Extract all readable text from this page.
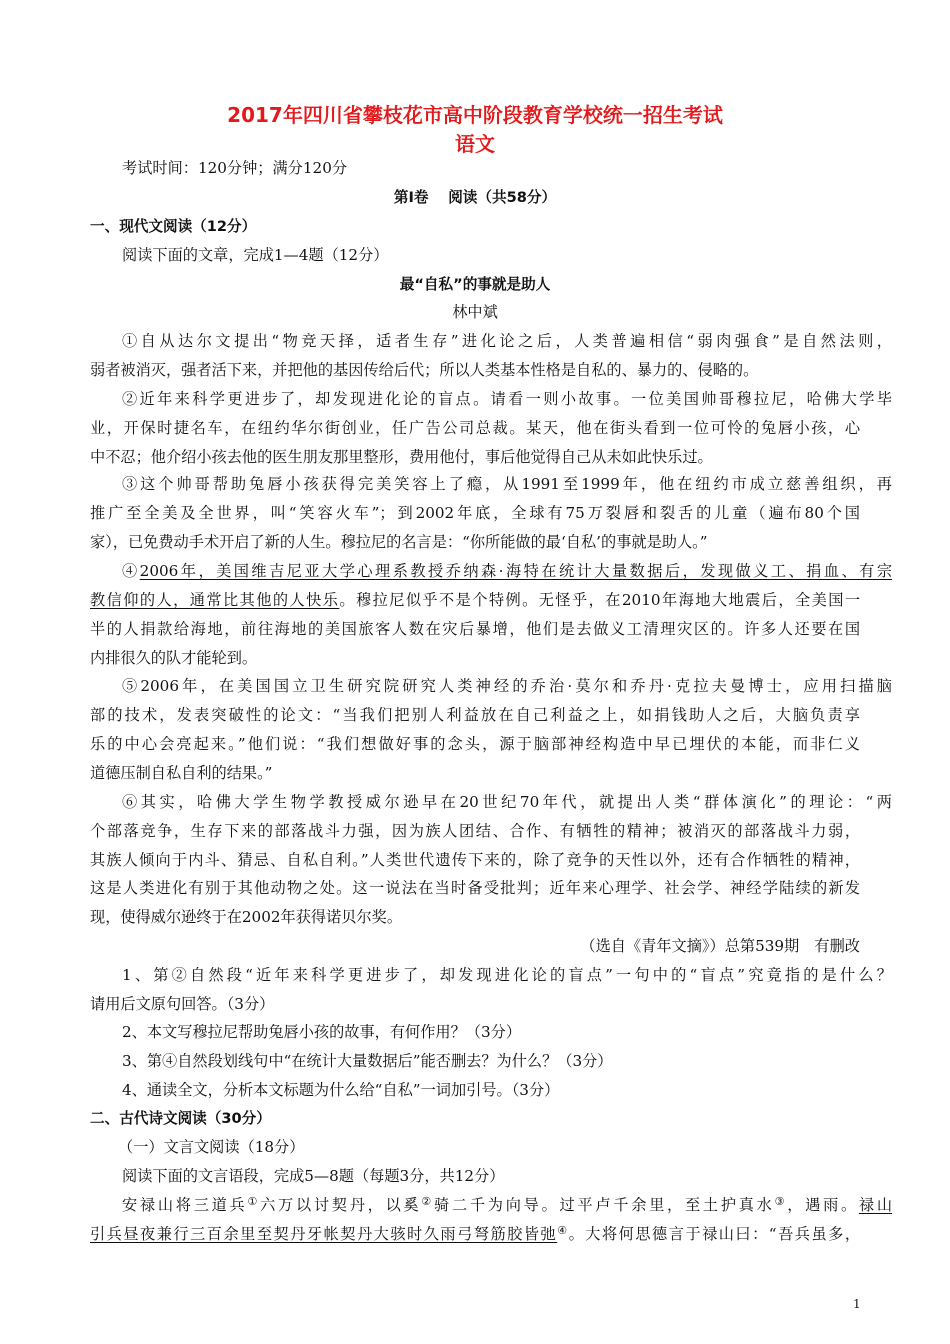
2017年四川省攀枝花市高中阶段教育学校统一招生考试
语文
考试时间：120分钟；满分120分
第Ⅰ卷　 阅读（共58分）
一、现代文阅读（12分）
阅读下面的文章，完成1—4题（12分）
最“自私”的事就是助人
林中斌
①自从达尔文提出“物竞天择，适者生存”进化论之后，人类普遍相信“弱肉强食”是自然法则，
弱者被消灭，强者活下来，并把他的基因传给后代；所以人类基本性格是自私的、暴力的、侵略的。
②近年来科学更进步了，却发现进化论的盲点。请看一则小故事。一位美国帅哥穆拉尼，哈佛大学毕
业，开保时捷名车，在纽约华尔街创业，任广告公司总裁。某天，他在街头看到一位可怜的兔唇小孩，心
中不忍；他介绍小孩去他的医生朋友那里整形，费用他付，事后他觉得自己从未如此快乐过。
③这个帅哥帮助兔唇小孩获得完美笑容上了瘾，从1991至1999年，他在纽约市成立慈善组织，再
推广至全美及全世界，叫“笑容火车”；到2002年底，全球有75万裂唇和裂舌的儿童（遍布80个国
家），已免费动手术开启了新的人生。穆拉尼的名言是：“你所能做的最‘自私’的事就是助人。”
④2006年，美国维吉尼亚大学心理系教授乔纳森·海特在统计大量数据后，发现做义工、捐血、有宗
教信仰的人，通常比其他的人快乐。穆拉尼似乎不是个特例。无怪乎，在2010年海地大地震后，全美国一
半的人捐款给海地，前往海地的美国旅客人数在灾后暴增，他们是去做义工清理灾区的。许多人还要在国
内排很久的队才能轮到。
⑤2006年，在美国国立卫生研究院研究人类神经的乔治·莫尔和乔丹·克拉夫曼博士，应用扫描脑
部的技术，发表突破性的论文：“当我们把别人利益放在自己利益之上，如捐钱助人之后，大脑负责享
乐的中心会亮起来。”他们说：“我们想做好事的念头，源于脑部神经构造中早已埋伏的本能，而非仁义
道德压制自私自利的结果。”
⑥其实，哈佛大学生物学教授威尔逊早在20世纪70年代，就提出人类“群体演化”的理论：“两
个部落竞争，生存下来的部落战斗力强，因为族人团结、合作、有牺牲的精神；被消灭的部落战斗力弱，
其族人倾向于内斗、猜忌、自私自利。”人类世代遗传下来的，除了竞争的天性以外，还有合作牺牲的精神，
这是人类进化有别于其他动物之处。这一说法在当时备受批判；近年来心理学、社会学、神经学陆续的新发
现，使得威尔逊终于在2002年获得诺贝尔奖。
（选自《青年文摘》）总第539期　有删改
1、第②自然段“近年来科学更进步了，却发现进化论的盲点”一句中的“盲点”究竟指的是什么？
请用后文原句回答。（3分）
2、本文写穆拉尼帮助兔唇小孩的故事，有何作用？（3分）
3、第④自然段划线句中“在统计大量数据后”能否删去？为什么？（3分）
4、通读全文，分析本文标题为什么给“自私”一词加引号。（3分）
二、古代诗文阅读（30分）
（一）文言文阅读（18分）
阅读下面的文言语段，完成5—8题（每题3分，共12分）
安禄山将三道兵①六万以讨契丹，以奚②骑二千为向导。过平卢千余里，至土护真水③，遇雨。禄山
引兵昼夜兼行三百余里至契丹牙帐契丹大骇时久雨弓弩筋胶皆弛④。大将何思德言于禄山曰：“吾兵虽多，
1
